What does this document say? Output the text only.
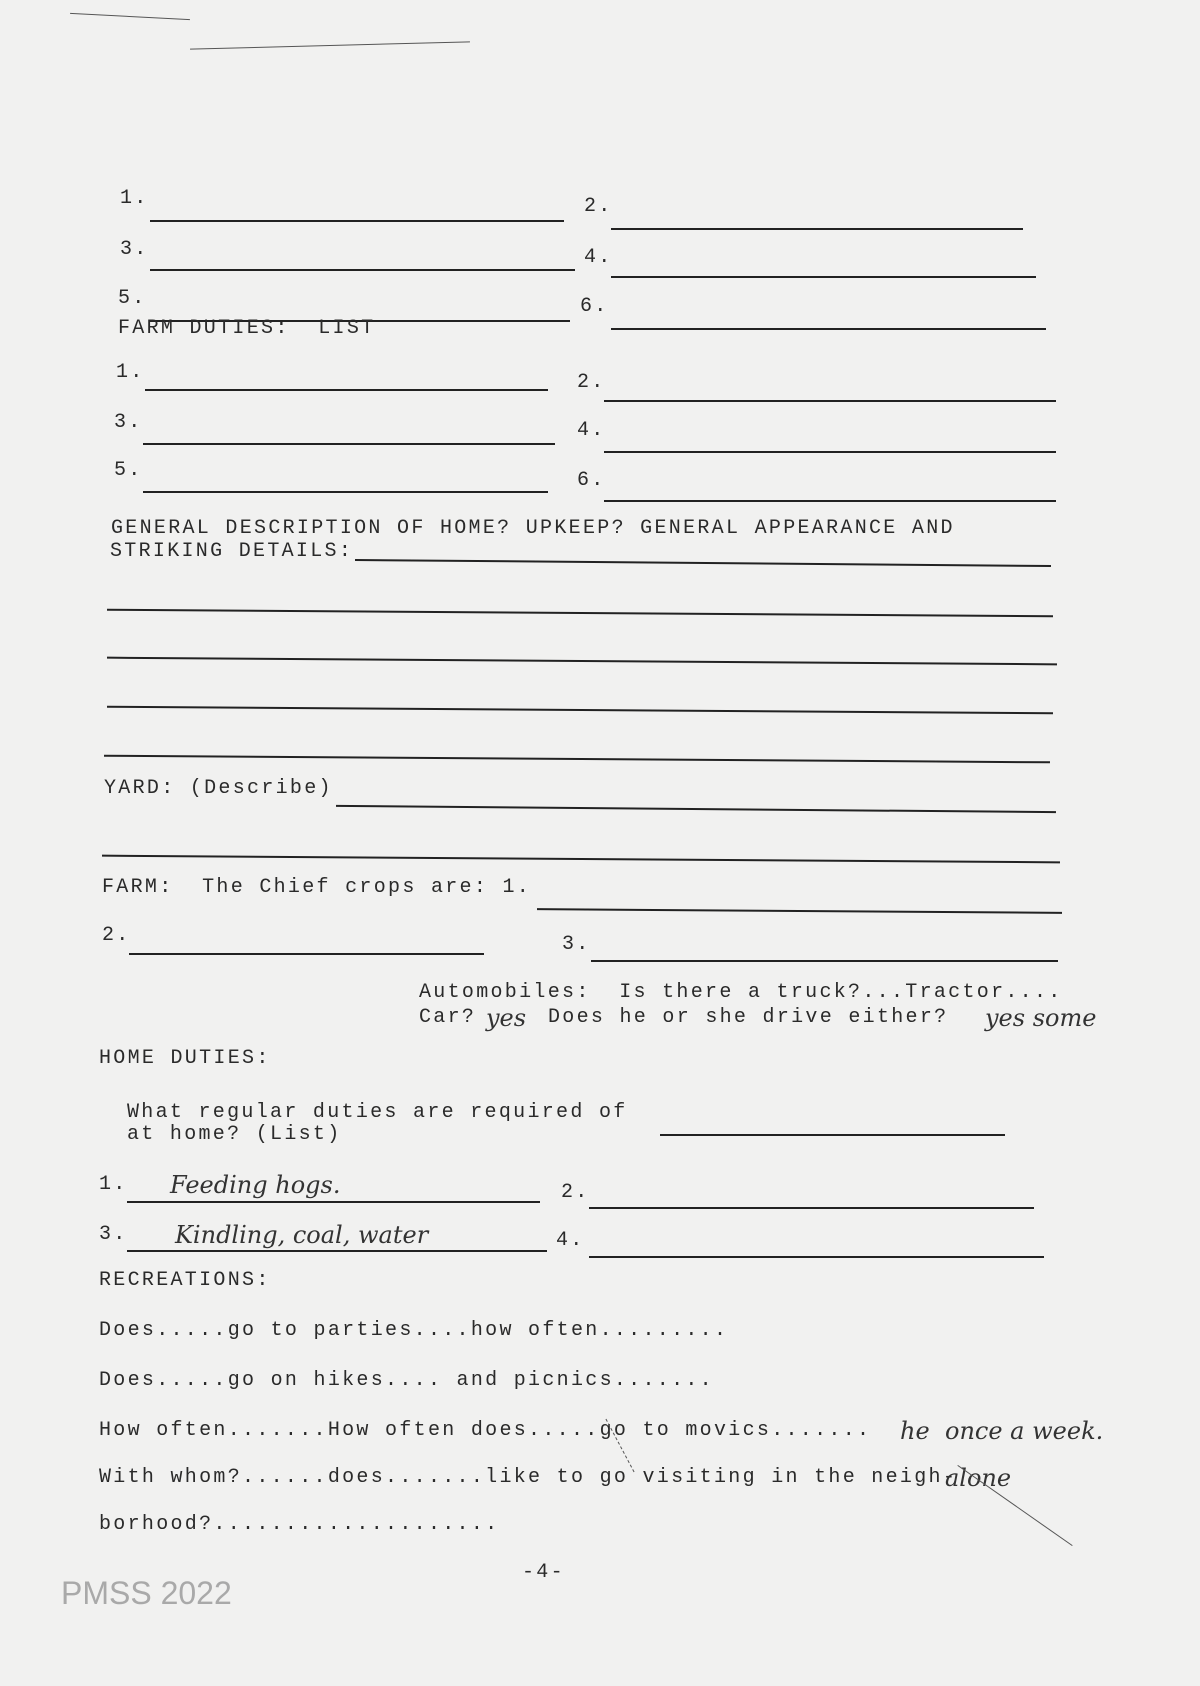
1.	2.
3.	4.
5.	6.
FARM DUTIES:  LIST
1.	2.
3.	4.
5.	6.
GENERAL DESCRIPTION OF HOME? UPKEEP? GENERAL APPEARANCE AND
STRIKING DETAILS:
YARD: (Describe)
FARM:  The Chief crops are: 1.
2.	3.
Automobiles:  Is there a truck?...Tractor....
Car? yes Does he or she drive either? yes some
HOME DUTIES:
What regular duties are required of
at home? (List)
1. Feeding hogs.	2.
3. Kindling, coal, water	4.
RECREATIONS:
Does.....go to parties....how often.........
Does.....go on hikes.... and picnics.......
How often.......How often does.....go to movics....... he once a week.
With whom?......does.......like to go visiting in the neigh-
alone
borhood?....................
-4-
PMSS 2022
